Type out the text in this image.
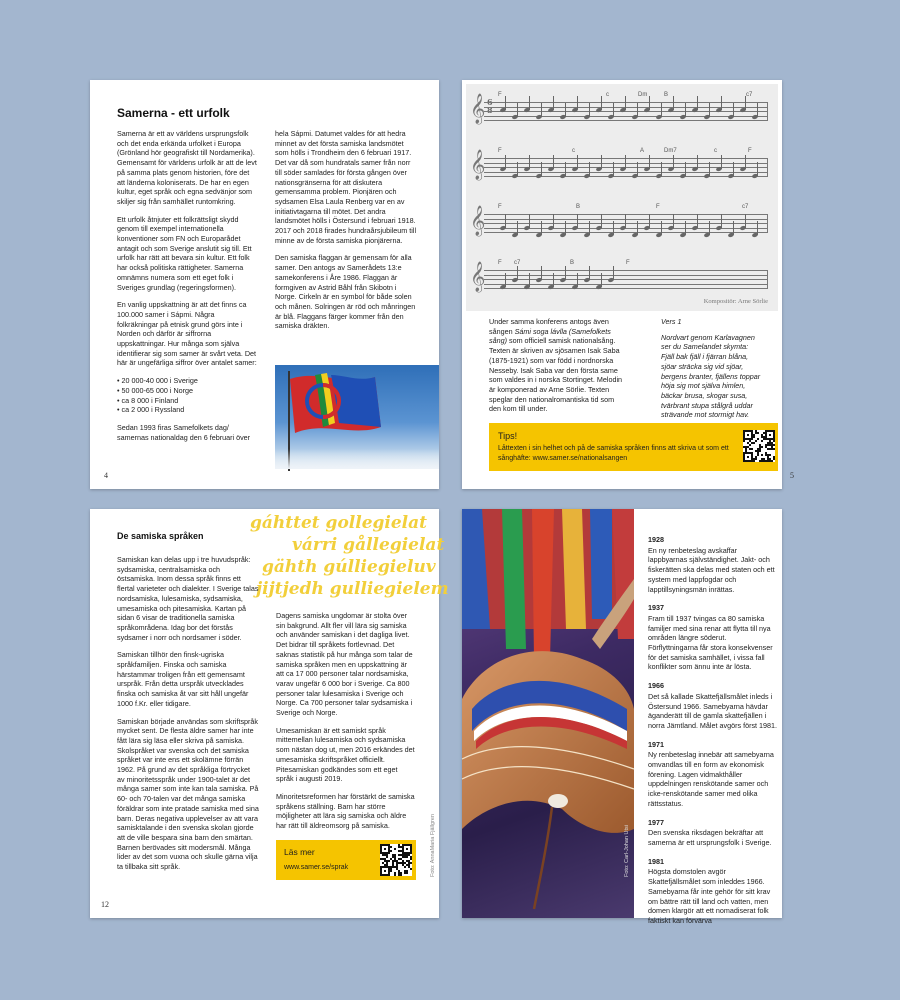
Samerna - ett urfolk

Samerna är ett av världens ursprungsfolk och det enda erkända urfolket i Europa (Grönland hör geografiskt till Nordamerika). Gemensamt för världens urfolk är att de levt på samma plats genom historien, före det att länderna koloniserats. De har en egen kultur, eget språk och egna sedvänjor som skiljer sig från samhället runtomkring.

Ett urfolk åtnjuter ett folkrättsligt skydd genom till exempel internationella konventioner som FN och Europarådet antagit och som Sverige anslutit sig till. Ett urfolk har rätt att bevara sin kultur. Ett folk har också politiska rättigheter. Samerna omnämns numera som ett eget folk i Sveriges grundlag (regeringsformen).

En vanlig uppskattning är att det finns ca 100.000 samer i Sápmi. Några folkräkningar på etnisk grund görs inte i Norden och därför är siffrorna uppskattningar. Hur många som själva identifierar sig som samer är svårt veta. Det här är ungefärliga siffror över antalet samer:

• 20 000-40 000 i Sverige
• 50 000-65 000 i Norge
• ca 8 000 i Finland
• ca 2 000 i Ryssland

Sedan 1993 firas Samefolkets dag/ samernas nationaldag den 6 februari över

hela Sápmi. Datumet valdes för att hedra minnet av det första samiska landsmötet som hölls i Trondheim den 6 februari 1917. Det var då som hundratals samer från norr till söder samlades för första gången över nationsgränserna för att diskutera gemensamma problem. Pionjären och sydsamen Elsa Laula Renberg var en av initiativtagarna till mötet. Det andra landsmötet hölls i Östersund i februari 1918. 2017 och 2018 firades hundraårsjubileum till minne av de första samiska pionjärerna.

Den samiska flaggan är gemensam för alla samer. Den antogs av Samerådets 13:e samekonferens i Åre 1986. Flaggan är formgiven av Astrid Båhl från Skibotn i Norge. Cirkeln är en symbol för både solen och månen. Solringen är röd och månringen är blå. Flaggans färger kommer från den samiska dräkten.

4
𝄞 6
8
𝄞
𝄞
𝄞
F	c	Dm	B	c7
F	c	A	Dm7	c	F
F	B	F	c7
F c7	B	F
Kompositör: Arne Sörlie

Under samma konferens antogs även sången Sámi soga lávlla (Samefolkets sång) som officiell samisk nationalsång. Texten är skriven av sjösamen Isak Saba (1875-1921) som var född i nordnorska Nesseby. Isak Saba var den första same som valdes in i norska Stortinget. Melodin är komponerad av Arne Sörlie. Texten speglar den nationalromantiska tid som den kom till under.

Vers 1
Nordvart genom Karlavagnen
ser du Samelandet skymta:
Fjäll bak fjäll i fjärran blåna,
sjöar sträcka sig vid sjöar,
bergens branter, fjällens toppar
höja sig mot själva himlen,
bäckar brusa, skogar susa,
tvärbrant stupa stålgrå uddar
strävande mot stormigt hav.
Tips!
Låttexten i sin helhet och på de samiska språken finns att skriva ut som ett sånghäfte: www.samer.se/nationalsangen
5
De samiska språken
gáhttet gollegielat
várri gållegielat
gähth gúlliegieluv
jijtjedh gulliegielem

Samiskan kan delas upp i tre huvudspråk: sydsamiska, centralsamiska och östsamiska. Inom dessa språk finns ett flertal varieteter och dialekter. I Sverige talas nordsamiska, lulesamiska, sydsamiska, umesamiska och pitesamiska. Kartan på sidan 6 visar de traditionella samiska språkområdena. Idag bor det förstås sydsamer i norr och nordsamer i söder.

Samiskan tillhör den finsk-ugriska språkfamiljen. Finska och samiska härstammar troligen från ett gemensamt urspråk. Från detta urspråk utvecklades finska och samiska åt var sitt håll ungefär 1000 f.Kr. eller tidigare.

Samiskan började användas som skriftspråk mycket sent. De flesta äldre samer har inte fått lära sig läsa eller skriva på samiska. Skolspråket var svenska och det samiska språket var inte ens ett skolämne förrän 1962. På grund av det språkliga förtrycket av minoritetsspråk under 1900-talet är det många samer som inte kan tala samiska. På 60- och 70-talen var det många samiska föräldrar som inte pratade samiska med sina barn. Deras negativa upplevelser av att vara samisktalande i den svenska skolan gjorde att de ville bespara sina barn den smärtan. Barnen berövades sitt modersmål. Många lider av det som vuxna och skulle gärna vilja ta tillbaka sitt språk.

Dagens samiska ungdomar är stolta över sin bakgrund. Allt fler vill lära sig samiska och använder samiskan i det dagliga livet. Det bidrar till språkets fortlevnad. Det saknas statistik på hur många som talar de samiska språken men en uppskattning är att ca 17 000 personer talar nordsamiska, varav ungefär 6 000 bor i Sverige. Ca 800 personer talar lulesamiska i Sverige och Norge. Ca 700 personer talar sydsamiska i Sverige och Norge.

Umesamiskan är ett samiskt språk mittemellan lulesamiska och sydsamiska som nästan dog ut, men 2016 erkändes det umesamiska skriftspråket officiellt. Pitesamiskan godkändes som ett eget språk i augusti 2019.

Minoritetsreformen har förstärkt de samiska språkens ställning. Barn har större möjligheter att lära sig samiska och äldre har rätt till äldreomsorg på samiska.

Läs mer
www.samer.se/sprak	Foto: AnnaMaria Fjällgren
12
Foto: Carl-Johan Utsi
1928
En ny renbeteslag avskaffar lappbyarnas självständighet. Jakt- och fiskerätten ska delas med staten och ett system med lappfogdar och lapptillsyningsmän inrättas.
1937
Fram till 1937 tvingas ca 80 samiska familjer med sina renar att flytta till nya områden längre söderut. Förflyttningarna får stora konsekvenser för det samiska samhället, i vissa fall konflikter som ännu inte är lösta.
1966
Det så kallade Skattefjällsmålet inleds i Östersund 1966. Samebyarna hävdar äganderätt till de gamla skattefjällen i norra Jämtland. Målet avgörs först 1981.
1971
Ny renbeteslag innebär att samebyarna omvandlas till en form av ekonomisk förening. Lagen vidmakthåller uppdelningen renskötande samer och icke-renskötande samer med olika rättsstatus.
1977
Den svenska riksdagen bekräftar att samerna är ett ursprungsfolk i Sverige.
1981
Högsta domstolen avgör Skattefjällsmålet som inleddes 1966. Samebyarna får inte gehör för sitt krav om bättre rätt till land och vatten, men domen klargör att ett nomadiserat folk faktiskt kan förvärva
